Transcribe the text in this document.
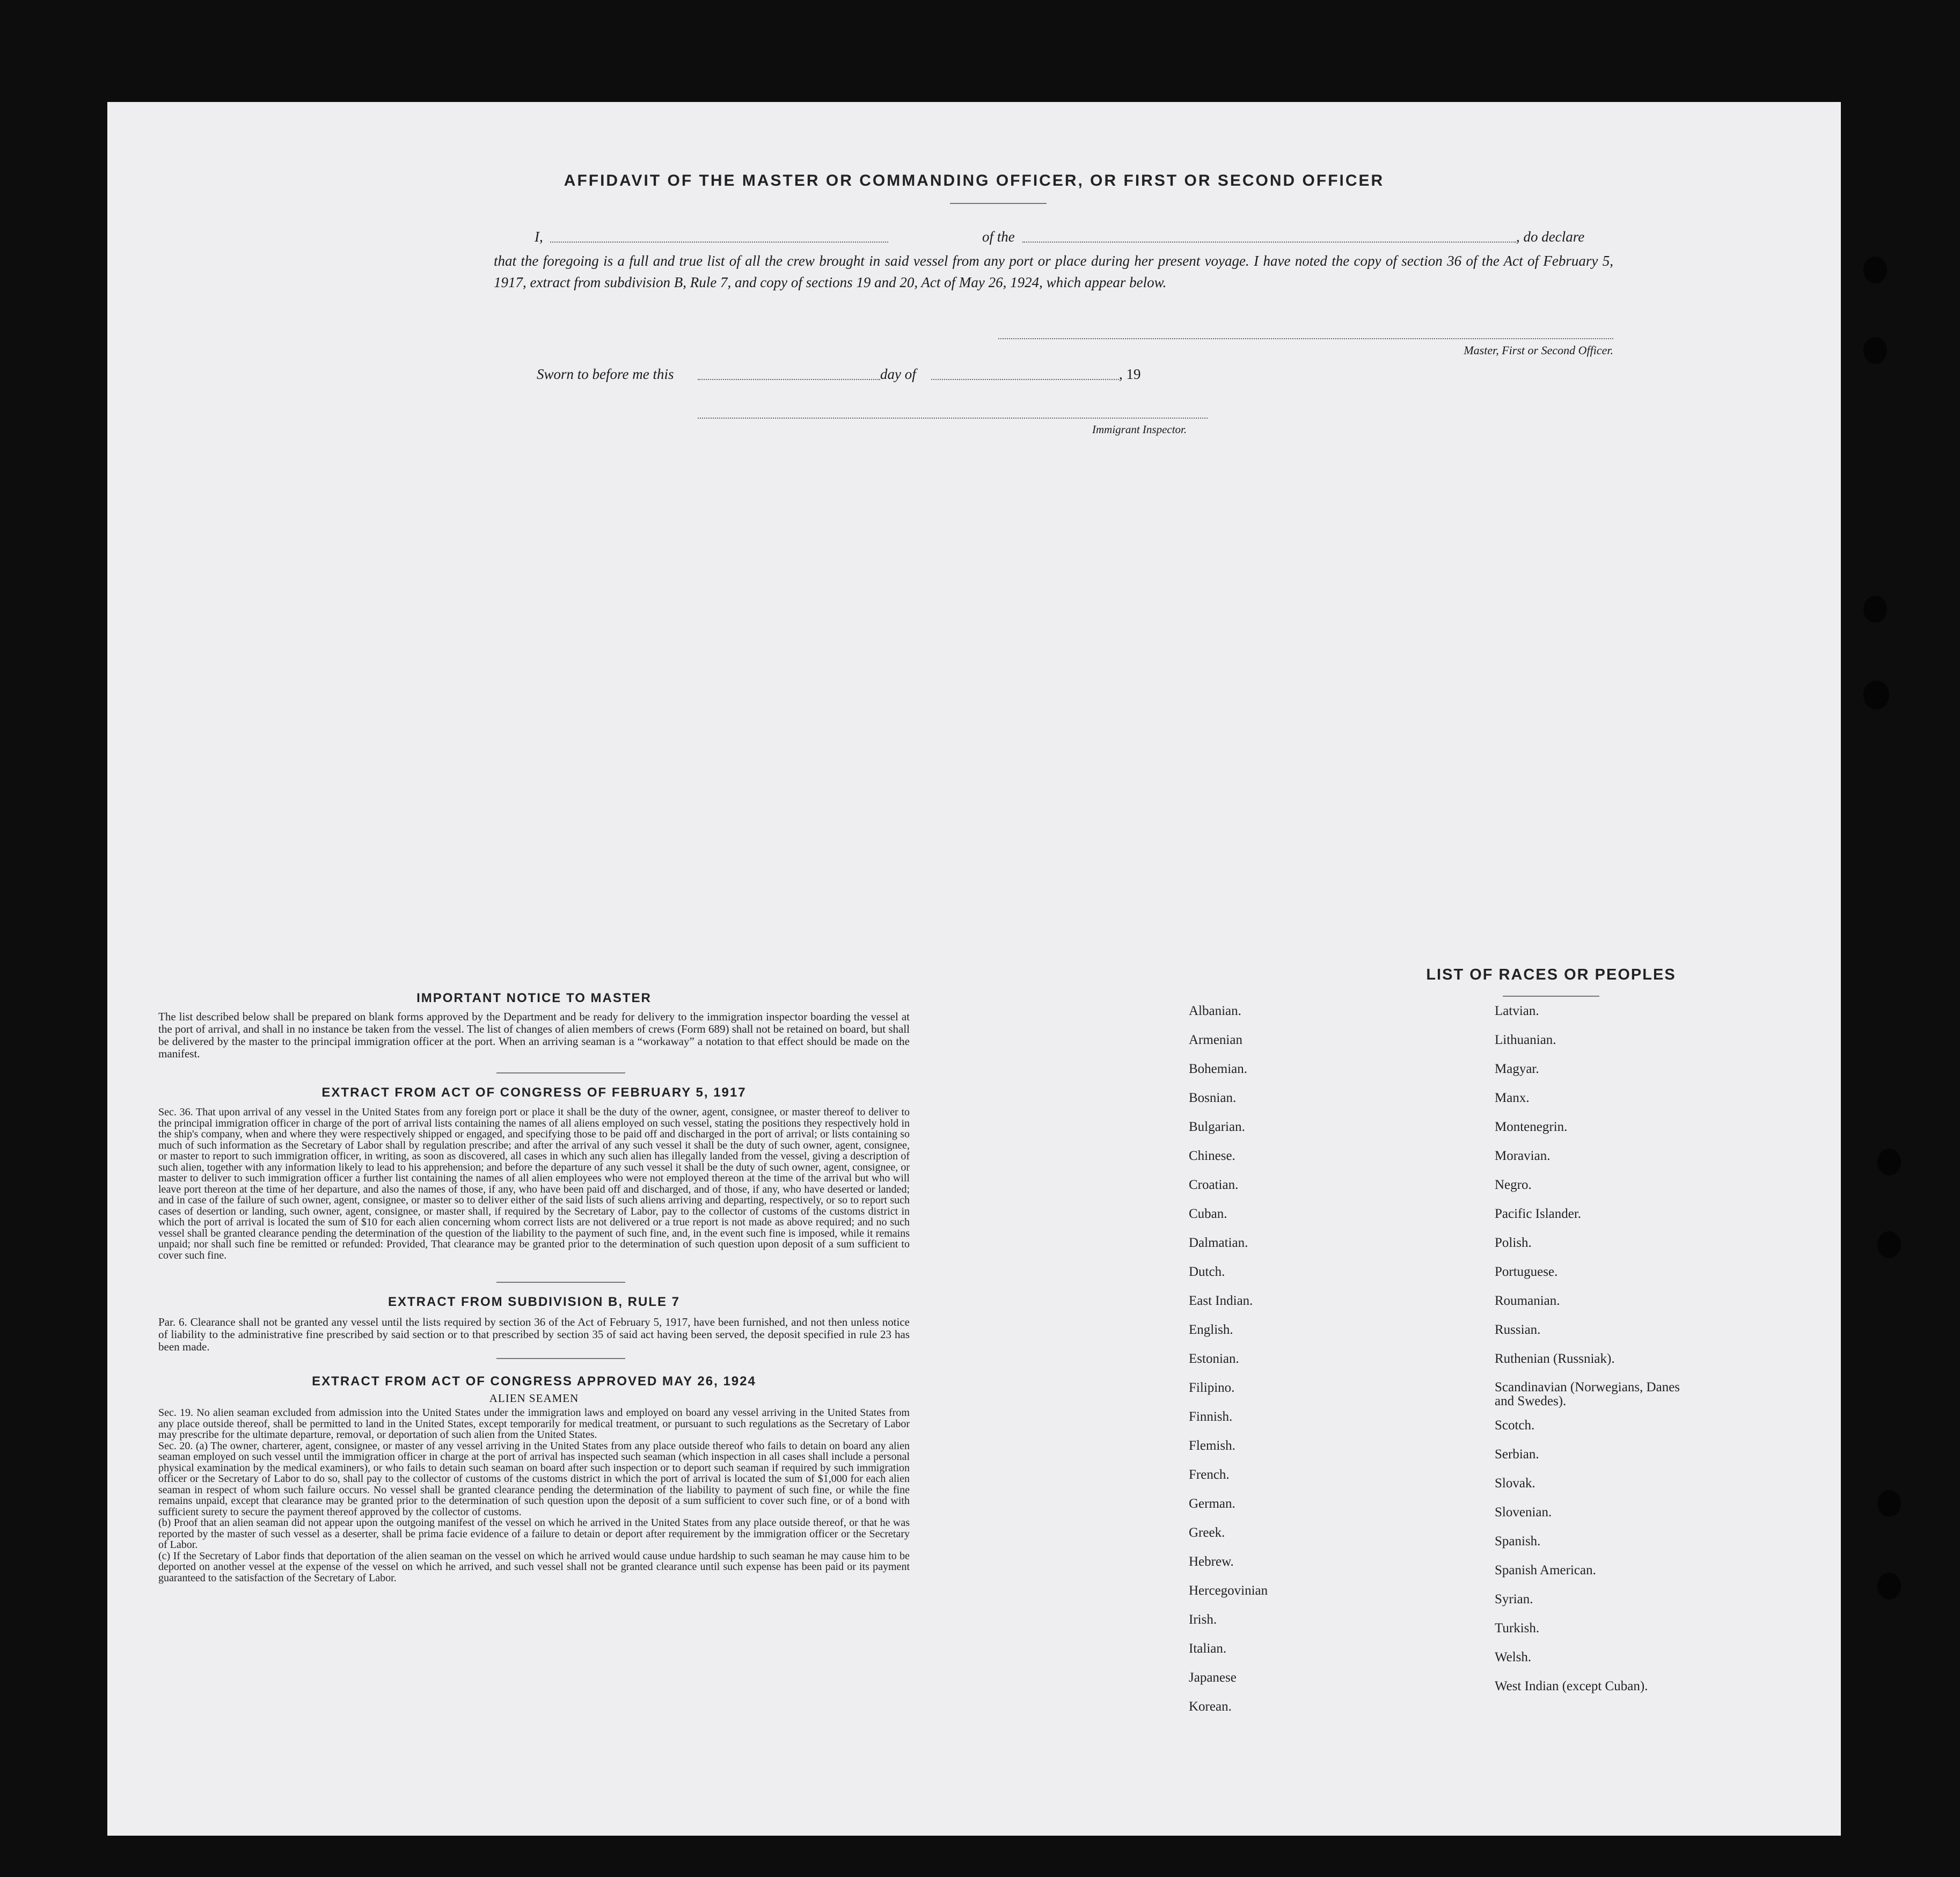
AFFIDAVIT OF THE MASTER OR COMMANDING OFFICER, OR FIRST OR SECOND OFFICER
I,	of the	, do declare
that the foregoing is a full and true list of all the crew brought in said vessel from any port or place during her present voyage. I have noted the copy of section 36 of the Act of February 5, 1917, extract from subdivision B, Rule 7, and copy of sections 19 and 20, Act of May 26, 1924, which appear below.
Master, First or Second Officer.
Sworn to before me this	day of	, 19
Immigrant Inspector.
IMPORTANT NOTICE TO MASTER
The list described below shall be prepared on blank forms approved by the Department and be ready for delivery to the immigration inspector boarding the vessel at the port of arrival, and shall in no instance be taken from the vessel. The list of changes of alien members of crews (Form 689) shall not be retained on board, but shall be delivered by the master to the principal immigration officer at the port. When an arriving seaman is a “workaway” a notation to that effect should be made on the manifest.
EXTRACT FROM ACT OF CONGRESS OF FEBRUARY 5, 1917
Sec. 36. That upon arrival of any vessel in the United States from any foreign port or place it shall be the duty of the owner, agent, consignee, or master thereof to deliver to the principal immigration officer in charge of the port of arrival lists containing the names of all aliens employed on such vessel, stating the positions they respectively hold in the ship's company, when and where they were respectively shipped or engaged, and specifying those to be paid off and discharged in the port of arrival; or lists containing so much of such information as the Secretary of Labor shall by regulation prescribe; and after the arrival of any such vessel it shall be the duty of such owner, agent, consignee, or master to report to such immigration officer, in writing, as soon as discovered, all cases in which any such alien has illegally landed from the vessel, giving a description of such alien, together with any information likely to lead to his apprehension; and before the departure of any such vessel it shall be the duty of such owner, agent, consignee, or master to deliver to such immigration officer a further list containing the names of all alien employees who were not employed thereon at the time of the arrival but who will leave port thereon at the time of her departure, and also the names of those, if any, who have been paid off and discharged, and of those, if any, who have deserted or landed; and in case of the failure of such owner, agent, consignee, or master so to deliver either of the said lists of such aliens arriving and departing, respectively, or so to report such cases of desertion or landing, such owner, agent, consignee, or master shall, if required by the Secretary of Labor, pay to the collector of customs of the customs district in which the port of arrival is located the sum of $10 for each alien concerning whom correct lists are not delivered or a true report is not made as above required; and no such vessel shall be granted clearance pending the determination of the question of the liability to the payment of such fine, and, in the event such fine is imposed, while it remains unpaid; nor shall such fine be remitted or refunded: Provided, That clearance may be granted prior to the determination of such question upon deposit of a sum sufficient to cover such fine.
EXTRACT FROM SUBDIVISION B, RULE 7
Par. 6. Clearance shall not be granted any vessel until the lists required by section 36 of the Act of February 5, 1917, have been furnished, and not then unless notice of liability to the administrative fine prescribed by said section or to that prescribed by section 35 of said act having been served, the deposit specified in rule 23 has been made.
EXTRACT FROM ACT OF CONGRESS APPROVED MAY 26, 1924
ALIEN SEAMEN
Sec. 19. No alien seaman excluded from admission into the United States under the immigration laws and employed on board any vessel arriving in the United States from any place outside thereof, shall be permitted to land in the United States, except temporarily for medical treatment, or pursuant to such regulations as the Secretary of Labor may prescribe for the ultimate departure, removal, or deportation of such alien from the United States.
Sec. 20. (a) The owner, charterer, agent, consignee, or master of any vessel arriving in the United States from any place outside thereof who fails to detain on board any alien seaman employed on such vessel until the immigration officer in charge at the port of arrival has inspected such seaman (which inspection in all cases shall include a personal physical examination by the medical examiners), or who fails to detain such seaman on board after such inspection or to deport such seaman if required by such immigration officer or the Secretary of Labor to do so, shall pay to the collector of customs of the customs district in which the port of arrival is located the sum of $1,000 for each alien seaman in respect of whom such failure occurs. No vessel shall be granted clearance pending the determination of the liability to payment of such fine, or while the fine remains unpaid, except that clearance may be granted prior to the determination of such question upon the deposit of a sum sufficient to cover such fine, or of a bond with sufficient surety to secure the payment thereof approved by the collector of customs.
(b) Proof that an alien seaman did not appear upon the outgoing manifest of the vessel on which he arrived in the United States from any place outside thereof, or that he was reported by the master of such vessel as a deserter, shall be prima facie evidence of a failure to detain or deport after requirement by the immigration officer or the Secretary of Labor.
(c) If the Secretary of Labor finds that deportation of the alien seaman on the vessel on which he arrived would cause undue hardship to such seaman he may cause him to be deported on another vessel at the expense of the vessel on which he arrived, and such vessel shall not be granted clearance until such expense has been paid or its payment guaranteed to the satisfaction of the Secretary of Labor.
LIST OF RACES OR PEOPLES
Albanian.
Armenian
Bohemian.
Bosnian.
Bulgarian.
Chinese.
Croatian.
Cuban.
Dalmatian.
Dutch.
East Indian.
English.
Estonian.
Filipino.
Finnish.
Flemish.
French.
German.
Greek.
Hebrew.
Hercegovinian
Irish.
Italian.
Japanese
Korean.
Latvian.
Lithuanian.
Magyar.
Manx.
Montenegrin.
Moravian.
Negro.
Pacific Islander.
Polish.
Portuguese.
Roumanian.
Russian.
Ruthenian (Russniak).
Scandinavian (Norwegians, Danes and Swedes).
Scotch.
Serbian.
Slovak.
Slovenian.
Spanish.
Spanish American.
Syrian.
Turkish.
Welsh.
West Indian (except Cuban).
